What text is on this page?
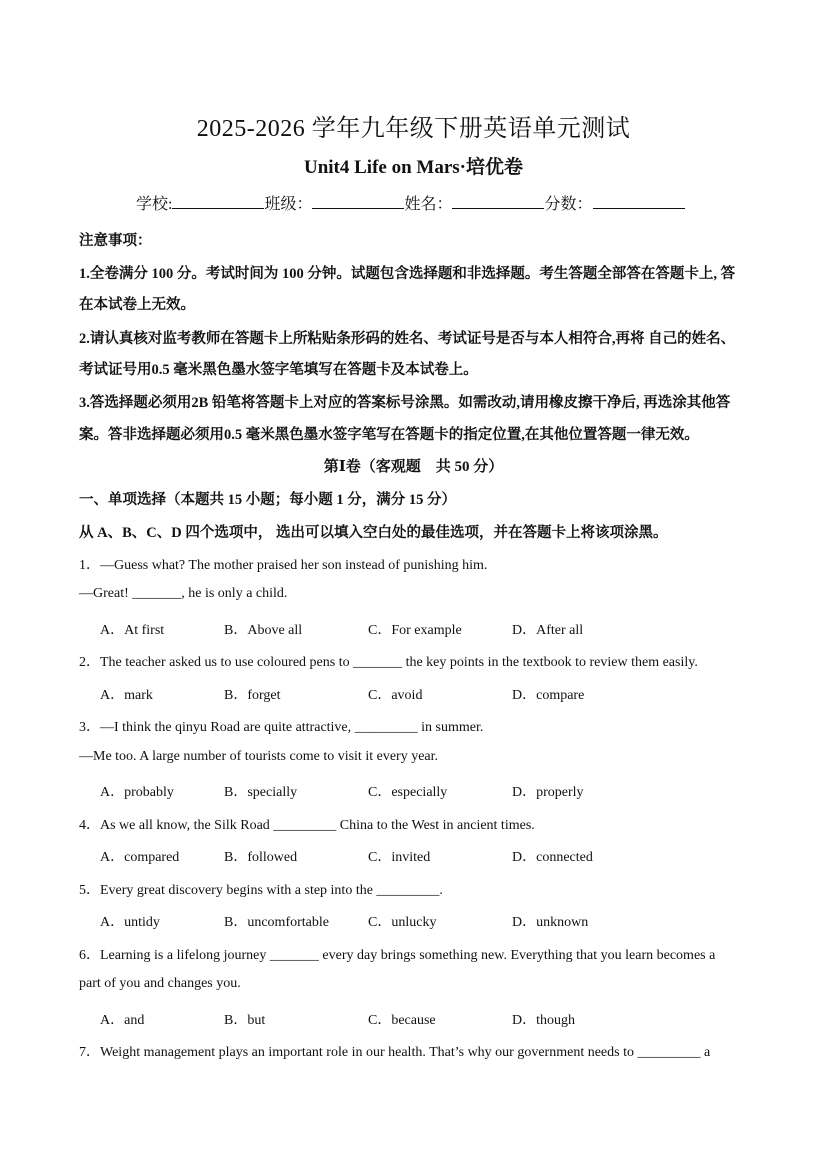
2025-2026 学年九年级下册英语单元测试
Unit4 Life on Mars·培优卷
学校:	班级：	姓名：	分数：
注意事项：
1.全卷满分 100 分。考试时间为 100 分钟。试题包含选择题和非选择题。考生答题全部答在答题卡上, 答
在本试卷上无效。
2.请认真核对监考教师在答题卡上所粘贴条形码的姓名、考试证号是否与本人相符合,再将 自己的姓名、
考试证号用0.5 毫米黑色墨水签字笔填写在答题卡及本试卷上。
3.答选择题必须用2B 铅笔将答题卡上对应的答案标号涂黑。如需改动,请用橡皮擦干净后, 再选涂其他答
案。答非选择题必须用0.5 毫米黑色墨水签字笔写在答题卡的指定位置,在其他位置答题一律无效。
第Ⅰ卷（客观题　共 50 分）
一、单项选择（本题共 15 小题；每小题 1 分，满分 15 分）
从 A、B、C、D 四个选项中， 选出可以填入空白处的最佳选项，并在答题卡上将该项涂黑。
1．—Guess what? The mother praised her son instead of punishing him.
—Great! _______, he is only a child.
A．At first	B．Above all	C．For example	D．After all
2．The teacher asked us to use coloured pens to _______ the key points in the textbook to review them easily.
A．mark	B．forget	C．avoid	D．compare
3．—I think the qinyu Road are quite attractive, _________ in summer.
—Me too. A large number of tourists come to visit it every year.
A．probably	B．specially	C．especially	D．properly
4．As we all know, the Silk Road _________ China to the West in ancient times.
A．compared	B．followed	C．invited	D．connected
5．Every great discovery begins with a step into the _________.
A．untidy	B．uncomfortable	C．unlucky	D．unknown
6．Learning is a lifelong journey _______ every day brings something new. Everything that you learn becomes a
part of you and changes you.
A．and	B．but	C．because	D．though
7．Weight management plays an important role in our health. That’s why our government needs to _________ a
